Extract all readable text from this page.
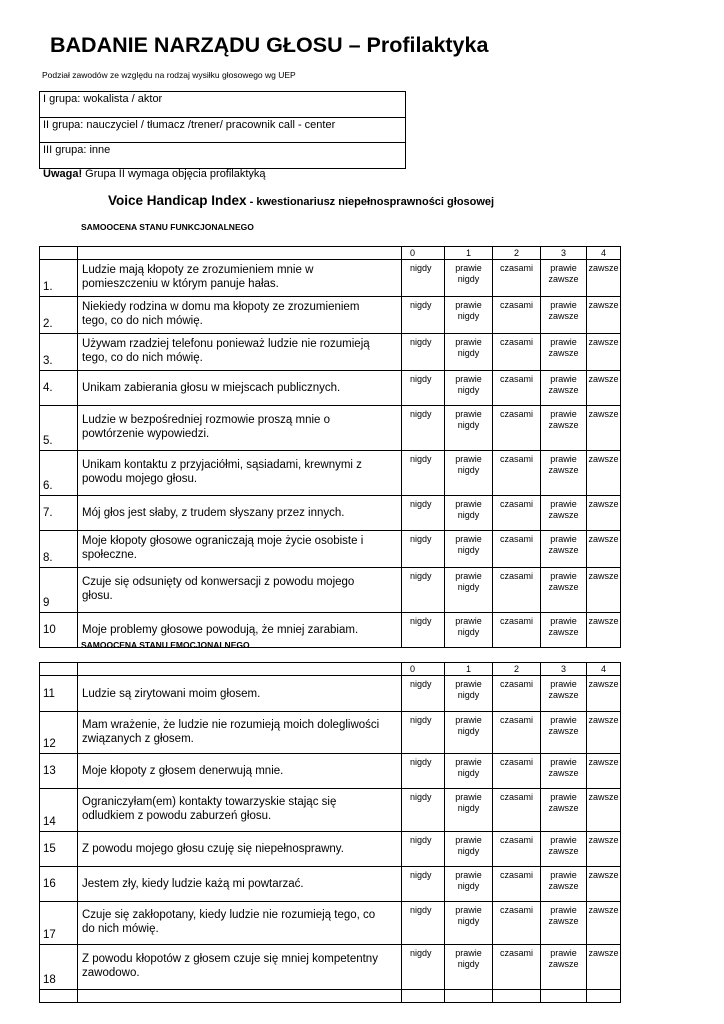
BADANIE NARZĄDU GŁOSU – Profilaktyka
Podział zawodów ze względu na rodzaj wysiłku głosowego wg UEP
I grupa: wokalista / aktor
II grupa: nauczyciel / tłumacz /trener/ pracownik call - center
III grupa: inne
Uwaga! Grupa II wymaga objęcia profilaktyką
Voice Handicap Index - kwestionariusz niepełnosprawności głosowej
SAMOOCENA STANU FUNKCJONALNEGO
		0	1	2	3	4

1.	Ludzie mają kłopoty ze zrozumieniem mnie w
pomieszczeniu w którym panuje hałas.	nigdy	prawie
nigdy	czasami	prawie
zawsze	zawsze

2.	Niekiedy rodzina w domu ma kłopoty ze zrozumieniem
tego, co do nich mówię.	nigdy	prawie
nigdy	czasami	prawie
zawsze	zawsze

3.	Używam rzadziej telefonu ponieważ ludzie nie rozumieją
tego, co do nich mówię.	nigdy	prawie
nigdy	czasami	prawie
zawsze	zawsze

4.	Unikam zabierania głosu w miejscach publicznych.	nigdy	prawie
nigdy	czasami	prawie
zawsze	zawsze

5.	Ludzie w bezpośredniej rozmowie proszą mnie o
powtórzenie wypowiedzi.	nigdy	prawie
nigdy	czasami	prawie
zawsze	zawsze

6.	Unikam kontaktu z przyjaciółmi, sąsiadami, krewnymi z
powodu mojego głosu.	nigdy	prawie
nigdy	czasami	prawie
zawsze	zawsze

7.	Mój głos jest słaby, z trudem słyszany przez innych.	nigdy	prawie
nigdy	czasami	prawie
zawsze	zawsze

8.	Moje kłopoty głosowe ograniczają moje życie osobiste i
społeczne.	nigdy	prawie
nigdy	czasami	prawie
zawsze	zawsze

9	Czuje się odsunięty od konwersacji z powodu mojego
głosu.	nigdy	prawie
nigdy	czasami	prawie
zawsze	zawsze

10	Moje problemy głosowe powodują, że mniej zarabiam.	nigdy	prawie
nigdy	czasami	prawie
zawsze	zawsze
SAMOOCENA STANU EMOCJONALNEGO
		0	1	2	3	4

11	Ludzie są zirytowani moim głosem.	nigdy	prawie
nigdy	czasami	prawie
zawsze	zawsze

12	Mam wrażenie, że ludzie nie rozumieją moich dolegliwości
związanych z głosem.	nigdy	prawie
nigdy	czasami	prawie
zawsze	zawsze

13	Moje kłopoty z głosem denerwują mnie.	nigdy	prawie
nigdy	czasami	prawie
zawsze	zawsze

14	Ograniczyłam(em) kontakty towarzyskie stając się
odludkiem z powodu zaburzeń głosu.	nigdy	prawie
nigdy	czasami	prawie
zawsze	zawsze

15	Z powodu mojego głosu czuję się niepełnosprawny.	nigdy	prawie
nigdy	czasami	prawie
zawsze	zawsze

16	Jestem zły, kiedy ludzie każą mi powtarzać.	nigdy	prawie
nigdy	czasami	prawie
zawsze	zawsze

17	Czuje się zakłopotany, kiedy ludzie nie rozumieją tego, co
do nich mówię.	nigdy	prawie
nigdy	czasami	prawie
zawsze	zawsze

18	Z powodu kłopotów z głosem czuje się mniej kompetentny
zawodowo.	nigdy	prawie
nigdy	czasami	prawie
zawsze	zawsze
